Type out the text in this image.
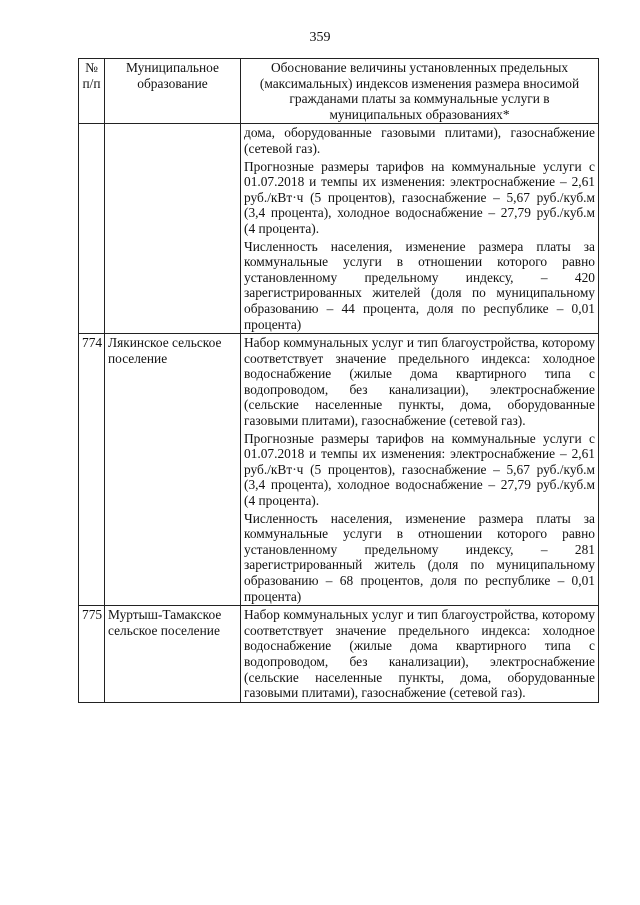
359
№ п/п	Муниципальное образование	Обоснование величины установленных предельных (максимальных) индексов изменения размера вносимой гражданами платы за коммунальные услуги в муниципальных образованиях*

		дома, оборудованные газовыми плитами), газоснабжение (сетевой газ).

Прогнозные размеры тарифов на коммунальные услуги с 01.07.2018 и темпы их изменения: электроснабжение – 2,61 руб./кВт·ч (5 процентов), газоснабжение – 5,67 руб./куб.м (3,4 процента), холодное водоснабжение – 27,79 руб./куб.м (4 процента).

Численность населения, изменение размера платы за коммунальные услуги в отношении которого равно установленному предельному индексу, – 420 зарегистрированных жителей (доля по муниципальному образованию – 44 процента, доля по республике – 0,01 процента)

774	Лякинское сельское поселение	Набор коммунальных услуг и тип благоустройства, которому соответствует значение предельного индекса: холодное водоснабжение (жилые дома квартирного типа с водопроводом, без канализации), электроснабжение (сельские населенные пункты, дома, оборудованные газовыми плитами), газоснабжение (сетевой газ).

Прогнозные размеры тарифов на коммунальные услуги с 01.07.2018 и темпы их изменения: электроснабжение – 2,61 руб./кВт·ч (5 процентов), газоснабжение – 5,67 руб./куб.м (3,4 процента), холодное водоснабжение – 27,79 руб./куб.м (4 процента).

Численность населения, изменение размера платы за коммунальные услуги в отношении которого равно установленному предельному индексу, – 281 зарегистрированный житель (доля по муниципальному образованию – 68 процентов, доля по республике – 0,01 процента)

775	Муртыш-Тамакское сельское поселение	Набор коммунальных услуг и тип благоустройства, которому соответствует значение предельного индекса: холодное водоснабжение (жилые дома квартирного типа с водопроводом, без канализации), электроснабжение (сельские населенные пункты, дома, оборудованные газовыми плитами), газоснабжение (сетевой газ).
